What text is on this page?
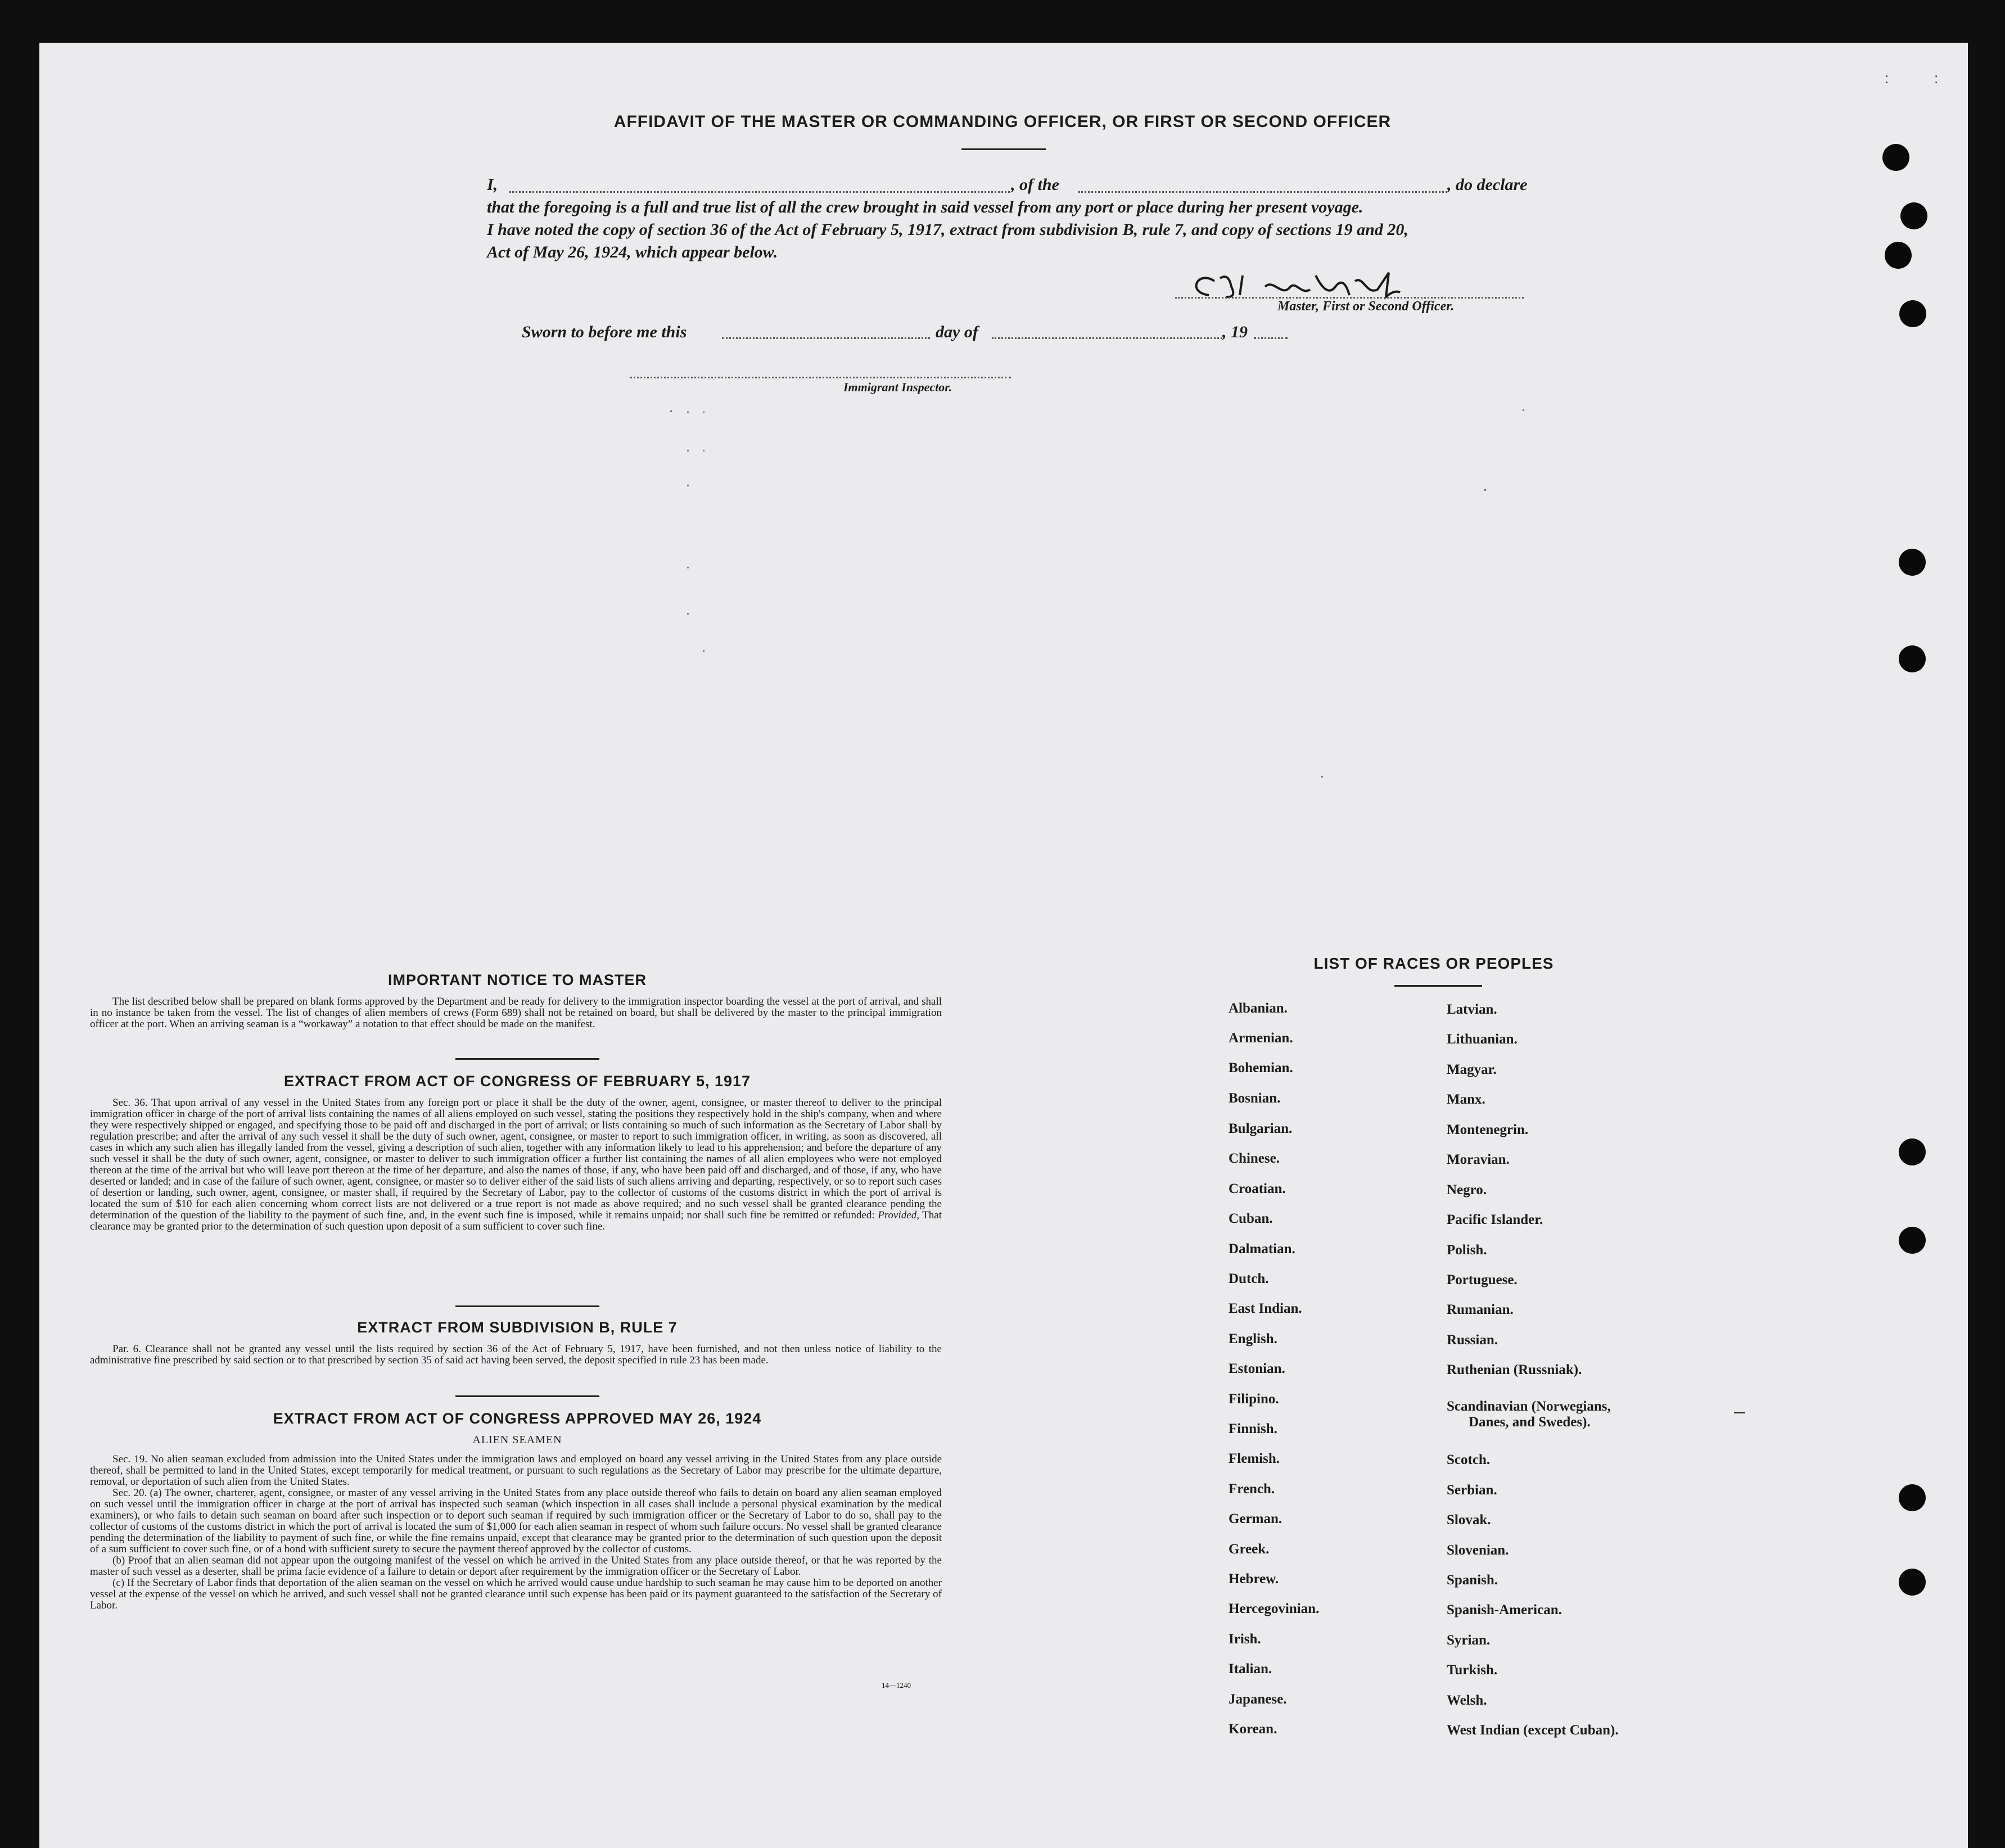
:	:
AFFIDAVIT OF THE MASTER OR COMMANDING OFFICER, OR FIRST OR SECOND OFFICER
I,	, of the	, do declare
that the foregoing is a full and true list of all the crew brought in said vessel from any port or place during her present voyage.
I have noted the copy of section 36 of the Act of February 5, 1917, extract from subdivision B, rule 7, and copy of sections 19 and 20,
Act of May 26, 1924, which appear below.
Master, First or Second Officer.
Sworn to before me this	day of	, 19
Immigrant Inspector.
IMPORTANT NOTICE TO MASTER
The list described below shall be prepared on blank forms approved by the Department and be ready for delivery to the immigration inspector boarding the vessel at the port of arrival, and shall in no instance be taken from the vessel. The list of changes of alien members of crews (Form 689) shall not be retained on board, but shall be delivered by the master to the principal immigration officer at the port. When an arriving seaman is a “workaway” a notation to that effect should be made on the manifest.
EXTRACT FROM ACT OF CONGRESS OF FEBRUARY 5, 1917
Sec. 36. That upon arrival of any vessel in the United States from any foreign port or place it shall be the duty of the owner, agent, consignee, or master thereof to deliver to the principal immigration officer in charge of the port of arrival lists containing the names of all aliens employed on such vessel, stating the positions they respectively hold in the ship's company, when and where they were respectively shipped or engaged, and specifying those to be paid off and discharged in the port of arrival; or lists containing so much of such information as the Secretary of Labor shall by regulation prescribe; and after the arrival of any such vessel it shall be the duty of such owner, agent, consignee, or master to report to such immigration officer, in writing, as soon as discovered, all cases in which any such alien has illegally landed from the vessel, giving a description of such alien, together with any information likely to lead to his apprehension; and before the departure of any such vessel it shall be the duty of such owner, agent, consignee, or master to deliver to such immigration officer a further list containing the names of all alien employees who were not employed thereon at the time of the arrival but who will leave port thereon at the time of her departure, and also the names of those, if any, who have been paid off and discharged, and of those, if any, who have deserted or landed; and in case of the failure of such owner, agent, consignee, or master so to deliver either of the said lists of such aliens arriving and departing, respectively, or so to report such cases of desertion or landing, such owner, agent, consignee, or master shall, if required by the Secretary of Labor, pay to the collector of customs of the customs district in which the port of arrival is located the sum of $10 for each alien concerning whom correct lists are not delivered or a true report is not made as above required; and no such vessel shall be granted clearance pending the determination of the question of the liability to the payment of such fine, and, in the event such fine is imposed, while it remains unpaid; nor shall such fine be remitted or refunded: Provided, That clearance may be granted prior to the determination of such question upon deposit of a sum sufficient to cover such fine.
EXTRACT FROM SUBDIVISION B, RULE 7
Par. 6. Clearance shall not be granted any vessel until the lists required by section 36 of the Act of February 5, 1917, have been furnished, and not then unless notice of liability to the administrative fine prescribed by said section or to that prescribed by section 35 of said act having been served, the deposit specified in rule 23 has been made.
EXTRACT FROM ACT OF CONGRESS APPROVED MAY 26, 1924
ALIEN SEAMEN
Sec. 19. No alien seaman excluded from admission into the United States under the immigration laws and employed on board any vessel arriving in the United States from any place outside thereof, shall be permitted to land in the United States, except temporarily for medical treatment, or pursuant to such regulations as the Secretary of Labor may prescribe for the ultimate departure, removal, or deportation of such alien from the United States.
Sec. 20. (a) The owner, charterer, agent, consignee, or master of any vessel arriving in the United States from any place outside thereof who fails to detain on board any alien seaman employed on such vessel until the immigration officer in charge at the port of arrival has inspected such seaman (which inspection in all cases shall include a personal physical examination by the medical examiners), or who fails to detain such seaman on board after such inspection or to deport such seaman if required by such immigration officer or the Secretary of Labor to do so, shall pay to the collector of customs of the customs district in which the port of arrival is located the sum of $1,000 for each alien seaman in respect of whom such failure occurs. No vessel shall be granted clearance pending the determination of the liability to payment of such fine, or while the fine remains unpaid, except that clearance may be granted prior to the determination of such question upon the deposit of a sum sufficient to cover such fine, or of a bond with sufficient surety to secure the payment thereof approved by the collector of customs.
(b) Proof that an alien seaman did not appear upon the outgoing manifest of the vessel on which he arrived in the United States from any place outside thereof, or that he was reported by the master of such vessel as a deserter, shall be prima facie evidence of a failure to detain or deport after requirement by the immigration officer or the Secretary of Labor.
(c) If the Secretary of Labor finds that deportation of the alien seaman on the vessel on which he arrived would cause undue hardship to such seaman he may cause him to be deported on another vessel at the expense of the vessel on which he arrived, and such vessel shall not be granted clearance until such expense has been paid or its payment guaranteed to the satisfaction of the Secretary of Labor.
14—1240
LIST OF RACES OR PEOPLES
Albanian.
Armenian.
Bohemian.
Bosnian.
Bulgarian.
Chinese.
Croatian.
Cuban.
Dalmatian.
Dutch.
East Indian.
English.
Estonian.
Filipino.
Finnish.
Flemish.
French.
German.
Greek.
Hebrew.
Hercegovinian.
Irish.
Italian.
Japanese.
Korean.
Latvian.
Lithuanian.
Magyar.
Manx.
Montenegrin.
Moravian.
Negro.
Pacific Islander.
Polish.
Portuguese.
Rumanian.
Russian.
Ruthenian (Russniak).
Scandinavian (Norwegians,
Danes, and Swedes).
Scotch.
Serbian.
Slovak.
Slovenian.
Spanish.
Spanish-American.
Syrian.
Turkish.
Welsh.
West Indian (except Cuban).
